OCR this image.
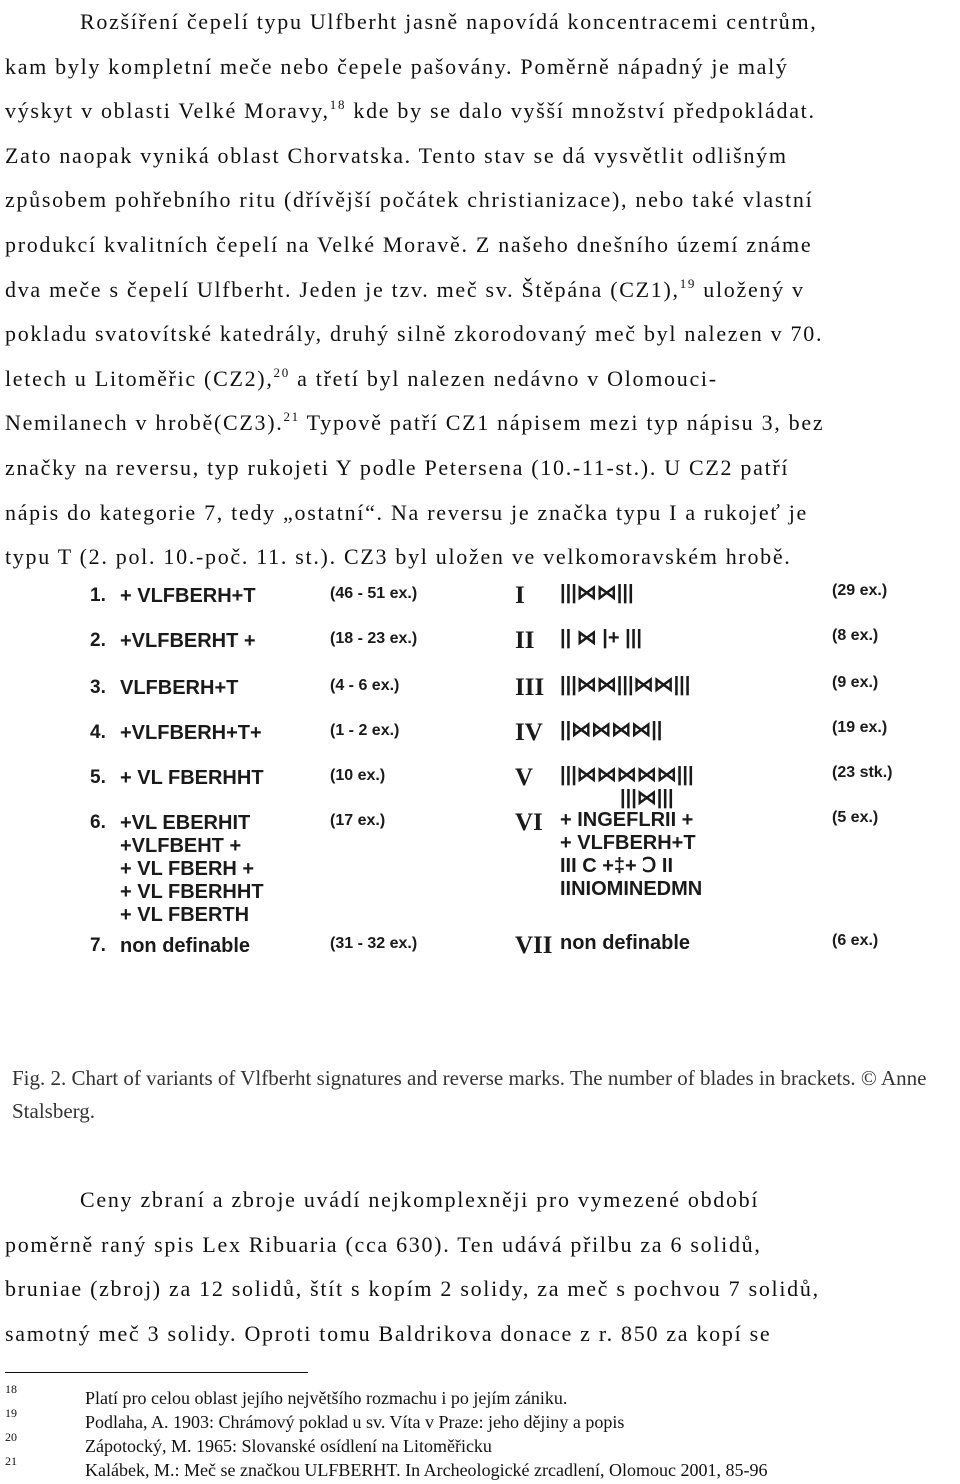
Rozšíření čepelí typu Ulfberht jasně napovídá koncentracemi centrům,
kam byly kompletní meče nebo čepele pašovány. Poměrně nápadný je malý
výskyt v oblasti Velké Moravy,$^{18}$ kde by se dalo vyšší množství předpokládat.
Zato naopak vyniká oblast Chorvatska. Tento stav se dá vysvětlit odlišným
způsobem pohřebního ritu (dřívější počátek christianizace), nebo také vlastní
produkcí kvalitních čepelí na Velké Moravě. Z našeho dnešního území známe
dva meče s čepelí Ulfberht. Jeden je tzv. meč sv. Štěpána (CZ1),$^{19}$ uložený v
pokladu svatovítské katedrály, druhý silně zkorodovaný meč byl nalezen v 70.
letech u Litoměřic (CZ2),$^{20}$ a třetí byl nalezen nedávno v Olomouci-
Nemilanech v hrobě(CZ3).$^{21}$ Typově patří CZ1 nápisem mezi typ nápisu 3, bez
značky na reversu, typ rukojeti Y podle Petersena (10.-11-st.). U CZ2 patří
nápis do kategorie 7, tedy „ostatní“. Na reversu je značka typu I a rukojeť je
typu T (2. pol. 10.-poč. 11. st.). CZ3 byl uložen ve velkomoravském hrobě.
1. + VLFBERH+T	(46 - 51 ex.)
2. +VLFBERHT +	(18 - 23 ex.)
3. VLFBERH+T	(4 - 6 ex.)
4. +VLFBERH+T+	(1 - 2 ex.)
5. + VL FBERHHT	(10 ex.)
6. +VL EBERHIT
+VLFBEHT +
+ VL FBERH +
+ VL FBERHHT
+ VL FBERTH
(17 ex.)
7. non definable	(31 - 32 ex.)
I |||⋈⋈|||	(29 ex.)
II || ⋈ |+ |||	(8 ex.)
III |||⋈⋈|||⋈⋈|||	(9 ex.)
IV ||⋈⋈⋈⋈||	(19 ex.)
V |||⋈⋈⋈⋈⋈|||
|||⋈|||
(23 stk.)
VI + INGEFLRII +
+ VLFBERH+T
III C +‡+ Ↄ II
IINIOMINEDMN
(5 ex.)
VII non definable	(6 ex.)
Fig. 2. Chart of variants of Vlfberht signatures and reverse marks. The number of blades in brackets. © Anne Stalsberg.
Ceny zbraní a zbroje uvádí nejkomplexněji pro vymezené období
poměrně raný spis Lex Ribuaria (cca 630). Ten udává přilbu za 6 solidů,
bruniae (zbroj) za 12 solidů, štít s kopím 2 solidy, za meč s pochvou 7 solidů,
samotný meč 3 solidy. Oproti tomu Baldrikova donace z r. 850 za kopí se
18	Platí pro celou oblast jejího největšího rozmachu i po jejím zániku.
19	Podlaha, A. 1903: Chrámový poklad u sv. Víta v Praze: jeho dějiny a popis
20	Zápotocký, M. 1965: Slovanské osídlení na Litoměřicku
21	Kalábek, M.: Meč se značkou ULFBERHT. In Archeologické zrcadlení, Olomouc 2001, 85-96
